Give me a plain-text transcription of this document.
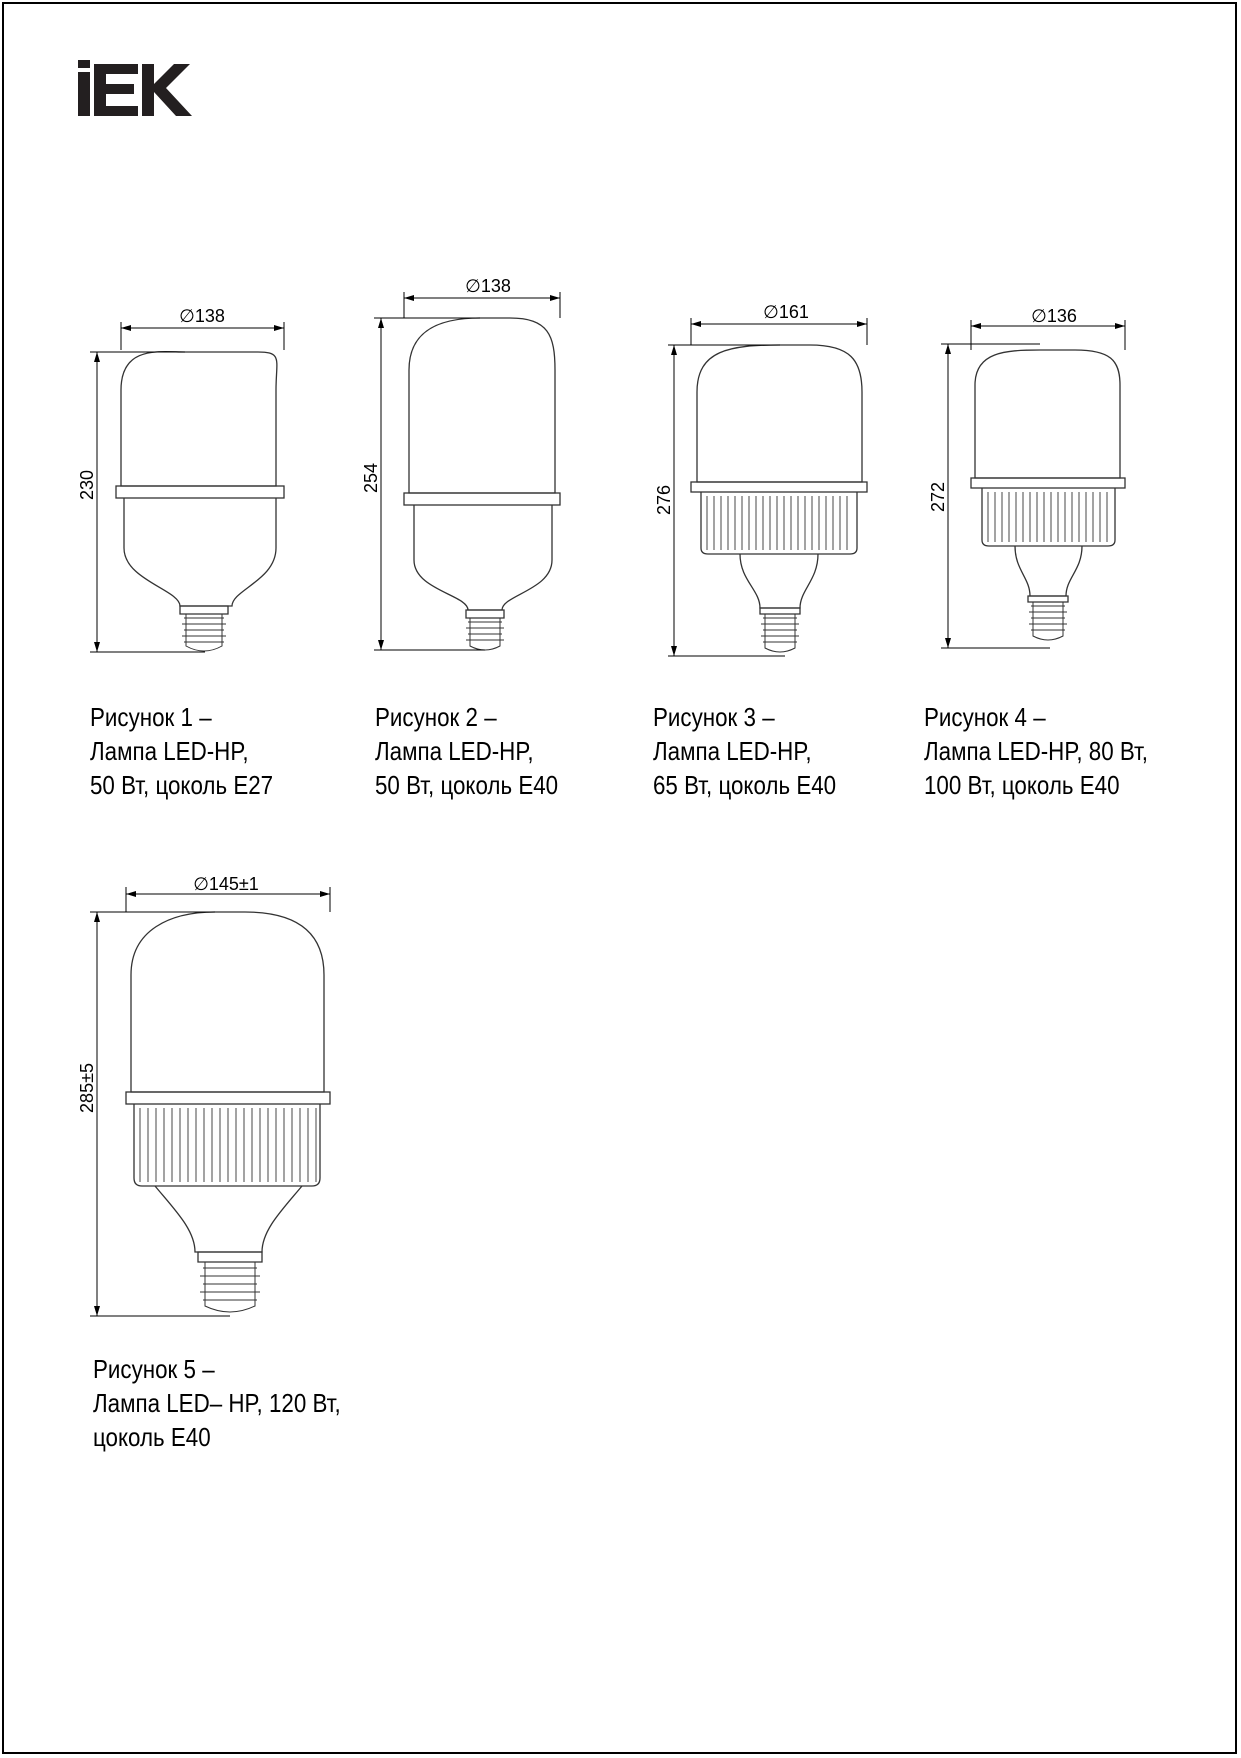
∅138
230
∅138
254
∅161
276
∅136
272
∅145±1
285±5
Рисунок 1 –
Лампа LED-HP,
50 Вт, цоколь E27
Рисунок 2 –
Лампа LED-HP,
50 Вт, цоколь E40
Рисунок 3 –
Лампа LED-HP,
65 Вт, цоколь E40
Рисунок 4 –
Лампа LED-HP, 80 Вт,
100 Вт, цоколь E40
Рисунок 5 –
Лампа LED– HP, 120 Вт,
цоколь E40
